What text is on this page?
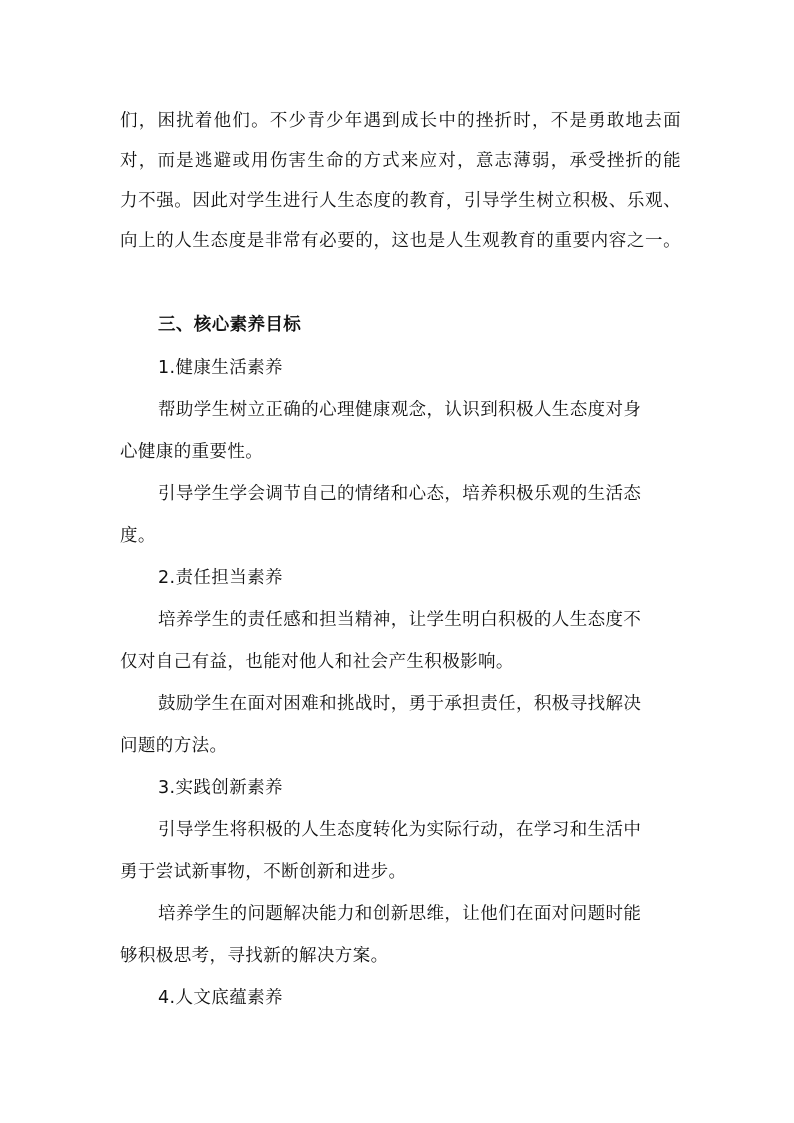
们，困扰着他们。不少青少年遇到成长中的挫折时，不是勇敢地去面
对，而是逃避或用伤害生命的方式来应对，意志薄弱，承受挫折的能
力不强。因此对学生进行人生态度的教育，引导学生树立积极、乐观、
向上的人生态度是非常有必要的，这也是人生观教育的重要内容之一。
三、核心素养目标
1.健康生活素养
帮助学生树立正确的心理健康观念，认识到积极人生态度对身
心健康的重要性。
引导学生学会调节自己的情绪和心态，培养积极乐观的生活态
度。
2.责任担当素养
培养学生的责任感和担当精神，让学生明白积极的人生态度不
仅对自己有益，也能对他人和社会产生积极影响。
鼓励学生在面对困难和挑战时，勇于承担责任，积极寻找解决
问题的方法。
3.实践创新素养
引导学生将积极的人生态度转化为实际行动，在学习和生活中
勇于尝试新事物，不断创新和进步。
培养学生的问题解决能力和创新思维，让他们在面对问题时能
够积极思考，寻找新的解决方案。
4.人文底蕴素养
